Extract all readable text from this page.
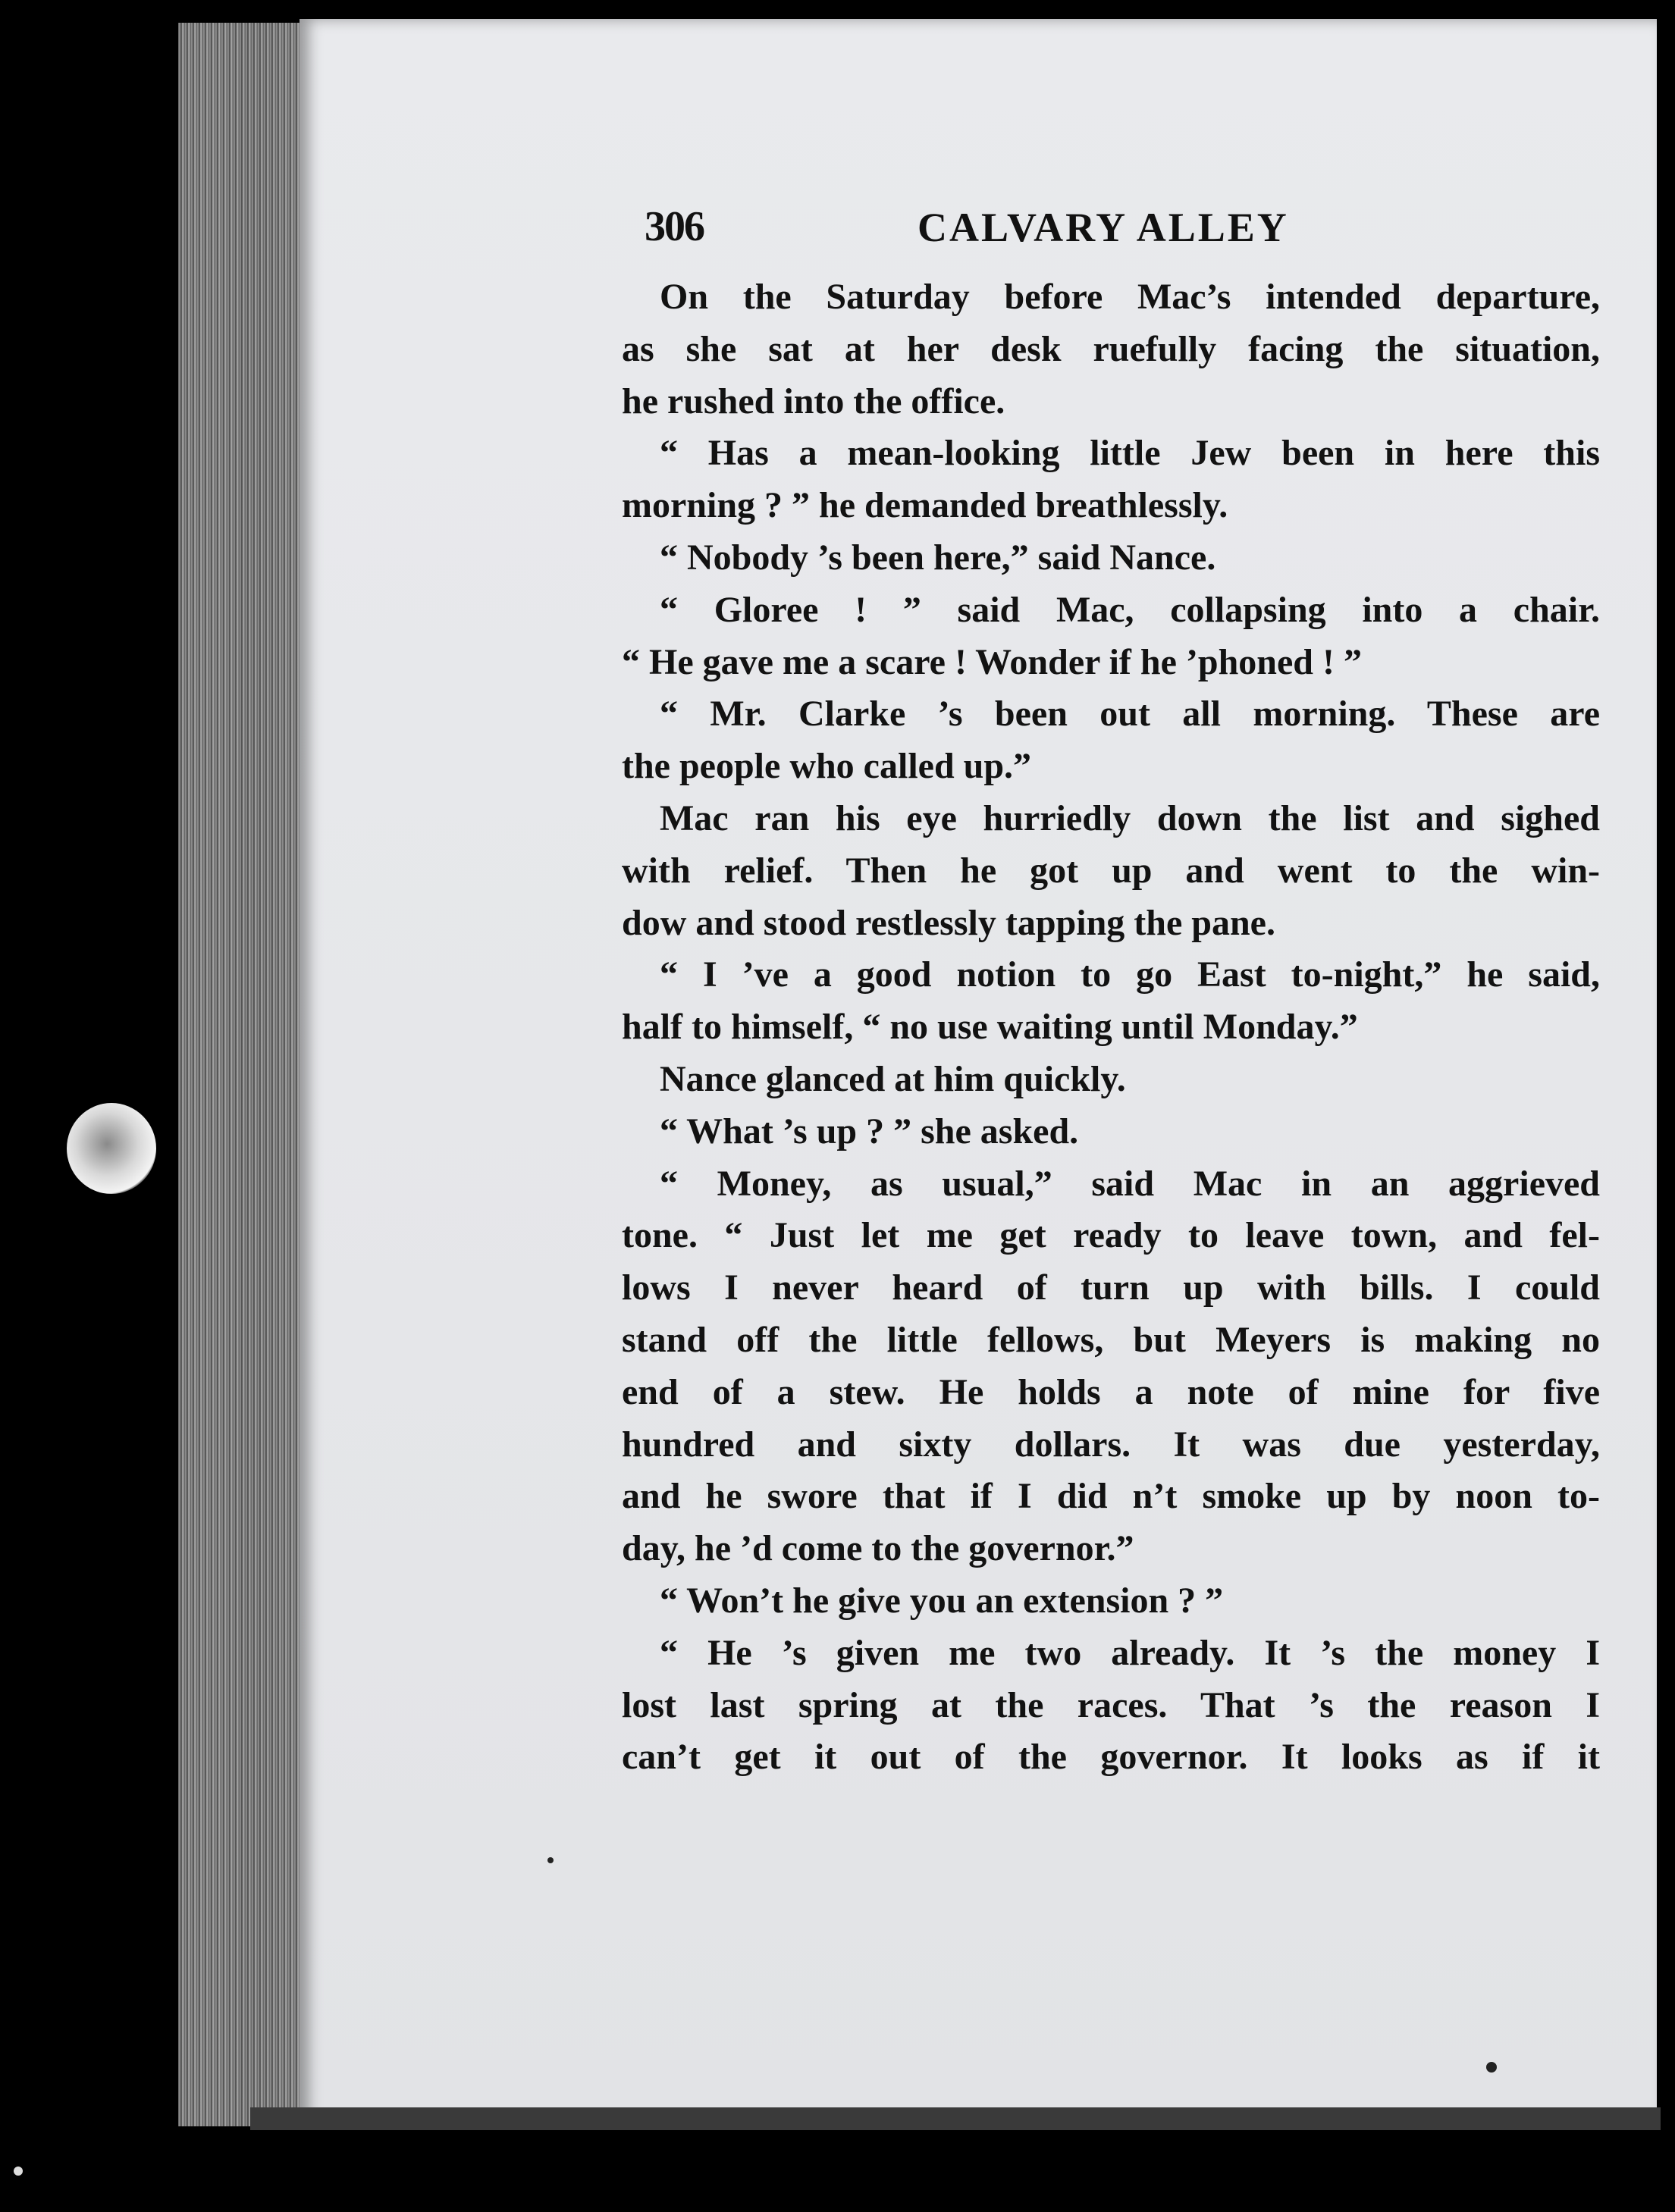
306	CALVARY ALLEY
On the Saturday before Mac’s intended departure,
as she sat at her desk ruefully facing the situation,
he rushed into the office.
“ Has a mean-looking little Jew been in here this
morning ? ” he demanded breathlessly.
“ Nobody ’s been here,” said Nance.
“ Gloree ! ” said Mac, collapsing into a chair.
“ He gave me a scare ! Wonder if he ’phoned ! ”
“ Mr. Clarke ’s been out all morning. These are
the people who called up.”
Mac ran his eye hurriedly down the list and sighed
with relief. Then he got up and went to the win-
dow and stood restlessly tapping the pane.
“ I ’ve a good notion to go East to-night,” he said,
half to himself, “ no use waiting until Monday.”
Nance glanced at him quickly.
“ What ’s up ? ” she asked.
“ Money, as usual,” said Mac in an aggrieved
tone. “ Just let me get ready to leave town, and fel-
lows I never heard of turn up with bills. I could
stand off the little fellows, but Meyers is making no
end of a stew. He holds a note of mine for five
hundred and sixty dollars. It was due yesterday,
and he swore that if I did n’t smoke up by noon to-
day, he ’d come to the governor.”
“ Won’t he give you an extension ? ”
“ He ’s given me two already. It ’s the money I
lost last spring at the races. That ’s the reason I
can’t get it out of the governor. It looks as if it
